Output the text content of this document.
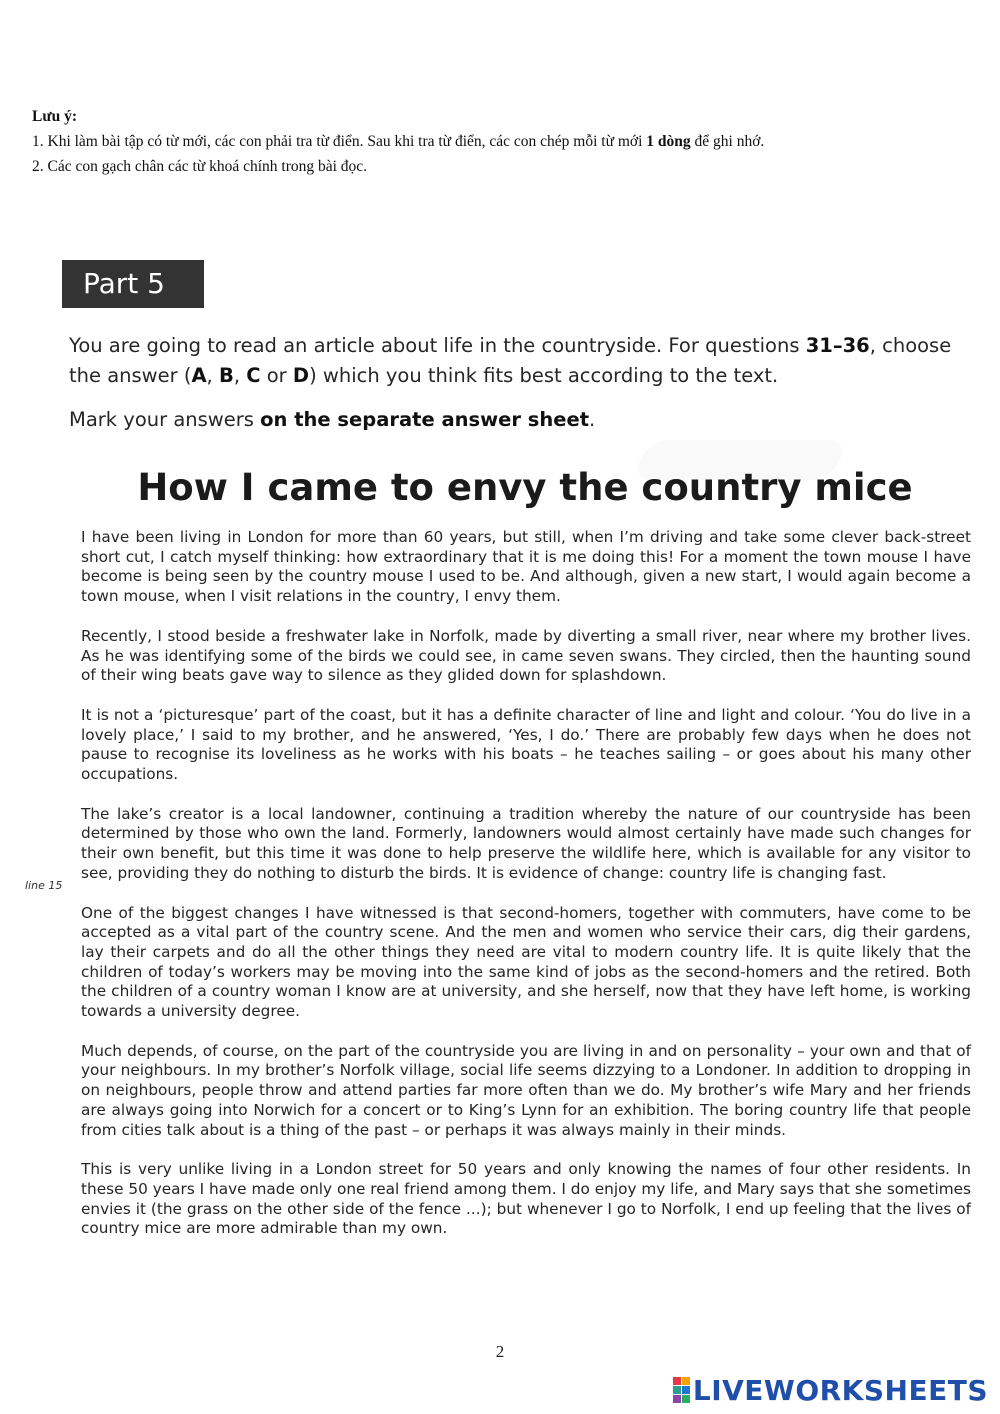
Lưu ý:

1. Khi làm bài tập có từ mới, các con phải tra từ điển. Sau khi tra từ điển, các con chép mỗi từ mới 1 dòng để ghi nhớ.

2. Các con gạch chân các từ khoá chính trong bài đọc.

Part 5

You are going to read an article about life in the countryside. For questions 31–36, choose the answer (A, B, C or D) which you think fits best according to the text.

Mark your answers on the separate answer sheet.

How I came to envy the country mice

I have been living in London for more than 60 years, but still, when I’m driving and take some clever back-street short cut, I catch myself thinking: how extraordinary that it is me doing this! For a moment the town mouse I have become is being seen by the country mouse I used to be. And although, given a new start, I would again become a town mouse, when I visit relations in the country, I envy them.

Recently, I stood beside a freshwater lake in Norfolk, made by diverting a small river, near where my brother lives. As he was identifying some of the birds we could see, in came seven swans. They circled, then the haunting sound of their wing beats gave way to silence as they glided down for splashdown.

It is not a ‘picturesque’ part of the coast, but it has a definite character of line and light and colour. ‘You do live in a lovely place,’ I said to my brother, and he answered, ‘Yes, I do.’ There are probably few days when he does not pause to recognise its loveliness as he works with his boats – he teaches sailing – or goes about his many other occupations.

The lake’s creator is a local landowner, continuing a tradition whereby the nature of our countryside has been determined by those who own the land. Formerly, landowners would almost certainly have made such changes for their own benefit, but this time it was done to help preserve the wildlife here, which is available for any visitor to see, providing they do nothing to disturb the birds. It is evidence of change: country life is changing fast.

One of the biggest changes I have witnessed is that second-homers, together with commuters, have come to be accepted as a vital part of the country scene. And the men and women who service their cars, dig their gardens, lay their carpets and do all the other things they need are vital to modern country life. It is quite likely that the children of today’s workers may be moving into the same kind of jobs as the second-homers and the retired. Both the children of a country woman I know are at university, and she herself, now that they have left home, is working towards a university degree.

Much depends, of course, on the part of the countryside you are living in and on personality – your own and that of your neighbours. In my brother’s Norfolk village, social life seems dizzying to a Londoner. In addition to dropping in on neighbours, people throw and attend parties far more often than we do. My brother’s wife Mary and her friends are always going into Norwich for a concert or to King’s Lynn for an exhibition. The boring country life that people from cities talk about is a thing of the past – or perhaps it was always mainly in their minds.

This is very unlike living in a London street for 50 years and only knowing the names of four other residents. In these 50 years I have made only one real friend among them. I do enjoy my life, and Mary says that she sometimes envies it (the grass on the other side of the fence ...); but whenever I go to Norfolk, I end up feeling that the lives of country mice are more admirable than my own.

line 15
2
LIVEWORKSHEETS
